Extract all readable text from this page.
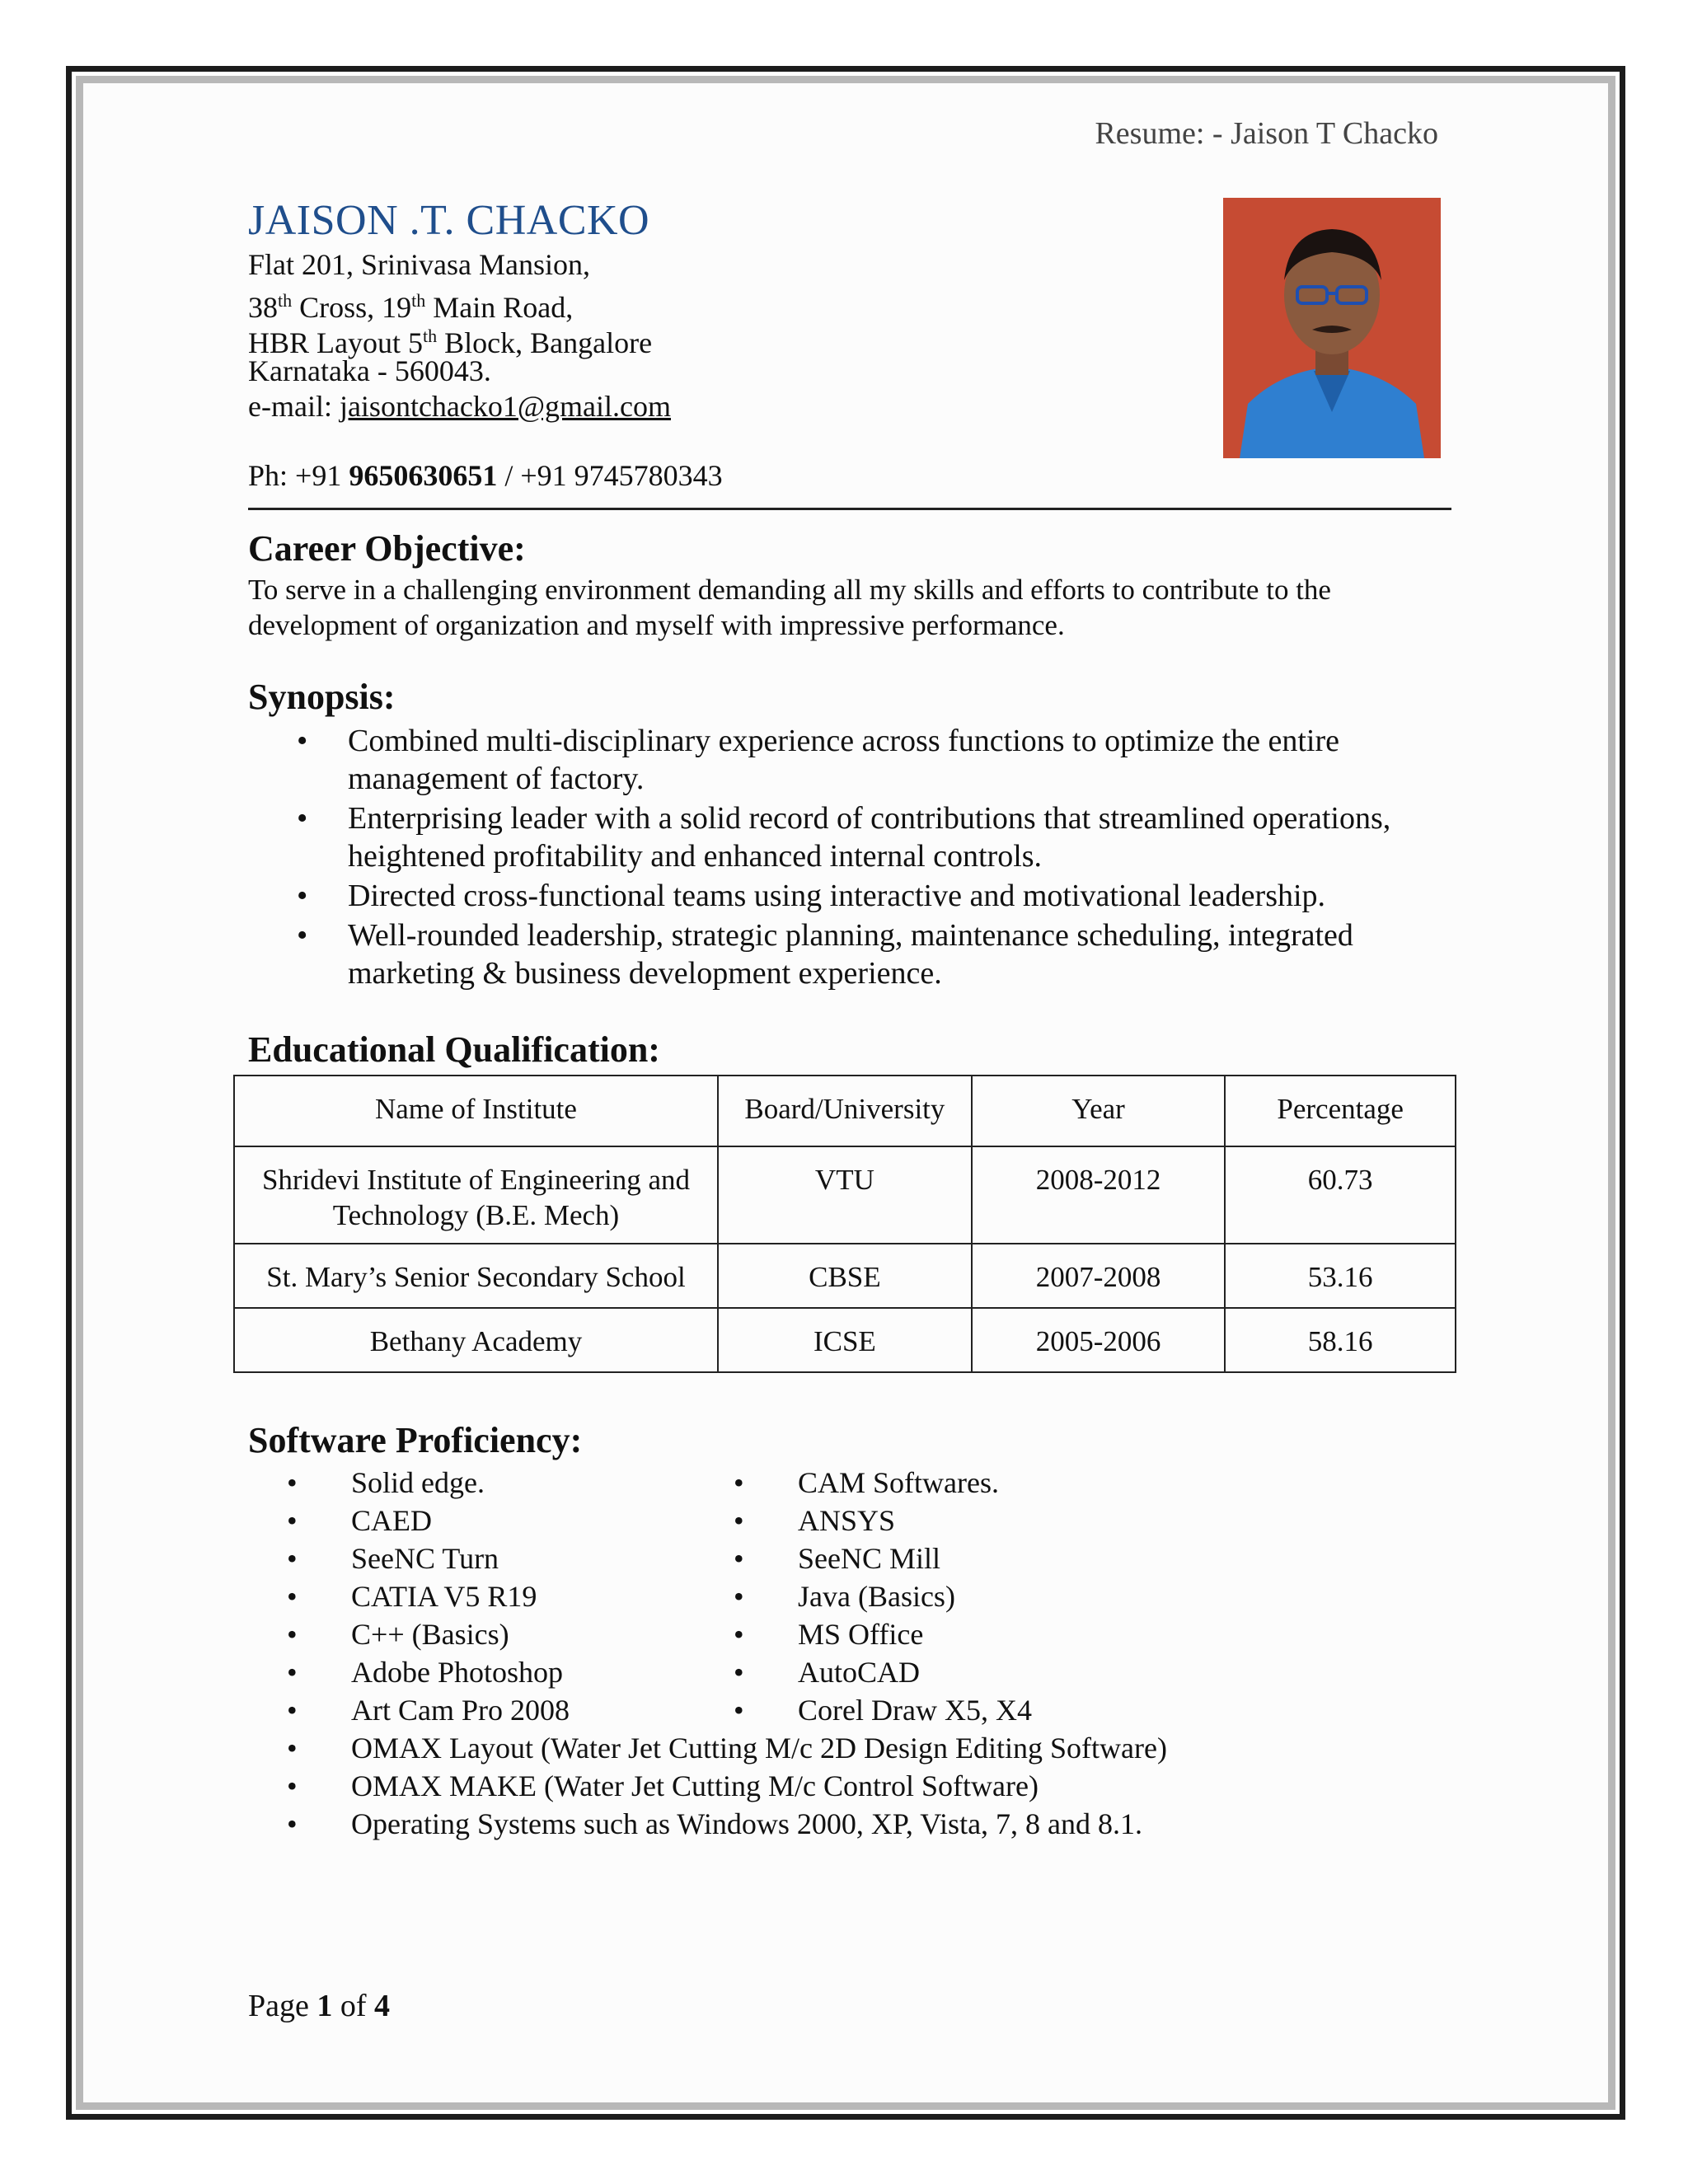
Resume: - Jaison T Chacko
JAISON .T. CHACKO
Flat 201, Srinivasa Mansion,
38th Cross, 19th Main Road,
HBR Layout 5th Block, Bangalore
Karnataka - 560043.
e-mail: jaisontchacko1@gmail.com
Ph: +91 9650630651 / +91 9745780343
Career Objective:
To serve in a challenging environment demanding all my skills and efforts to contribute to the development of organization and myself with impressive performance.
Synopsis:
• Combined multi-disciplinary experience across functions to optimize the entire management of factory.
• Enterprising leader with a solid record of contributions that streamlined operations, heightened profitability and enhanced internal controls.
• Directed cross-functional teams using interactive and motivational leadership.
• Well-rounded leadership, strategic planning, maintenance scheduling, integrated marketing & business development experience.
Educational Qualification:
Name of Institute	Board/University	Year	Percentage
Shridevi Institute of Engineering and Technology (B.E. Mech)	VTU	2008-2012	60.73
St. Mary’s Senior Secondary School	CBSE	2007-2008	53.16
Bethany Academy	ICSE	2005-2006	58.16
Software Proficiency:
• Solid edge.
• CAED
• SeeNC Turn
• CATIA V5 R19
• C++ (Basics)
• Adobe Photoshop
• Art Cam Pro 2008
• OMAX Layout (Water Jet Cutting M/c 2D Design Editing Software)
• OMAX MAKE (Water Jet Cutting M/c Control Software)
• Operating Systems such as Windows 2000, XP, Vista, 7, 8 and 8.1.
• CAM Softwares.
• ANSYS
• SeeNC Mill
• Java (Basics)
• MS Office
• AutoCAD
• Corel Draw X5, X4
Page 1 of 4
